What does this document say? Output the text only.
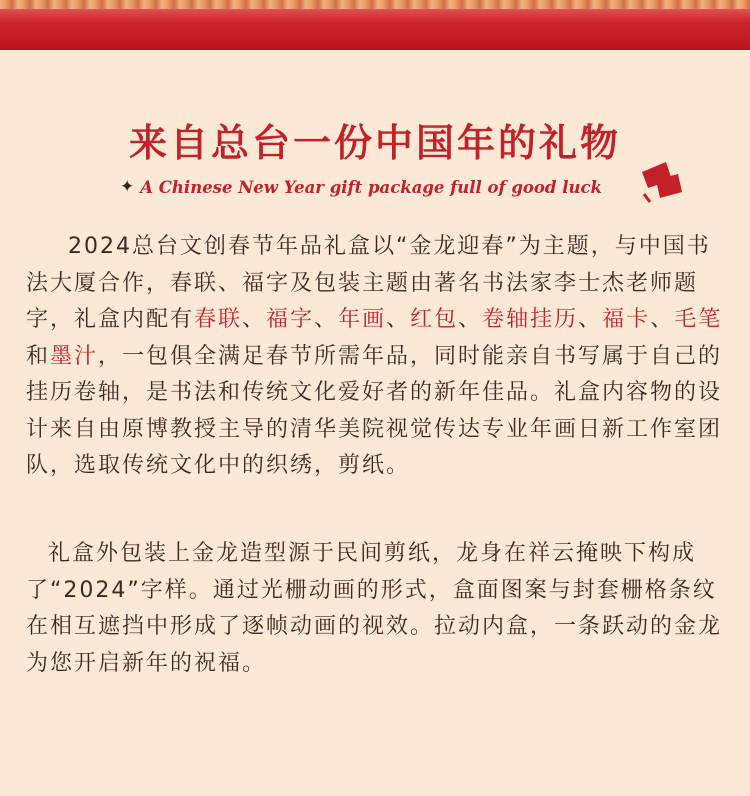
来自总台一份中国年的礼物
✦ A Chinese New Year gift package full of good luck

2024总台文创春节年品礼盒以“金龙迎春”为主题，与中国书法大厦合作，春联、福字及包装主题由著名书法家李士杰老师题字，礼盒内配有春联、福字、年画、红包、卷轴挂历、福卡、毛笔和墨汁，一包俱全满足春节所需年品，同时能亲自书写属于自己的挂历卷轴，是书法和传统文化爱好者的新年佳品。礼盒内容物的设计来自由原博教授主导的清华美院视觉传达专业年画日新工作室团队，选取传统文化中的织绣，剪纸。

礼盒外包装上金龙造型源于民间剪纸，龙身在祥云掩映下构成了“2024”字样。通过光栅动画的形式，盒面图案与封套栅格条纹在相互遮挡中形成了逐帧动画的视效。拉动内盒，一条跃动的金龙为您开启新年的祝福。
